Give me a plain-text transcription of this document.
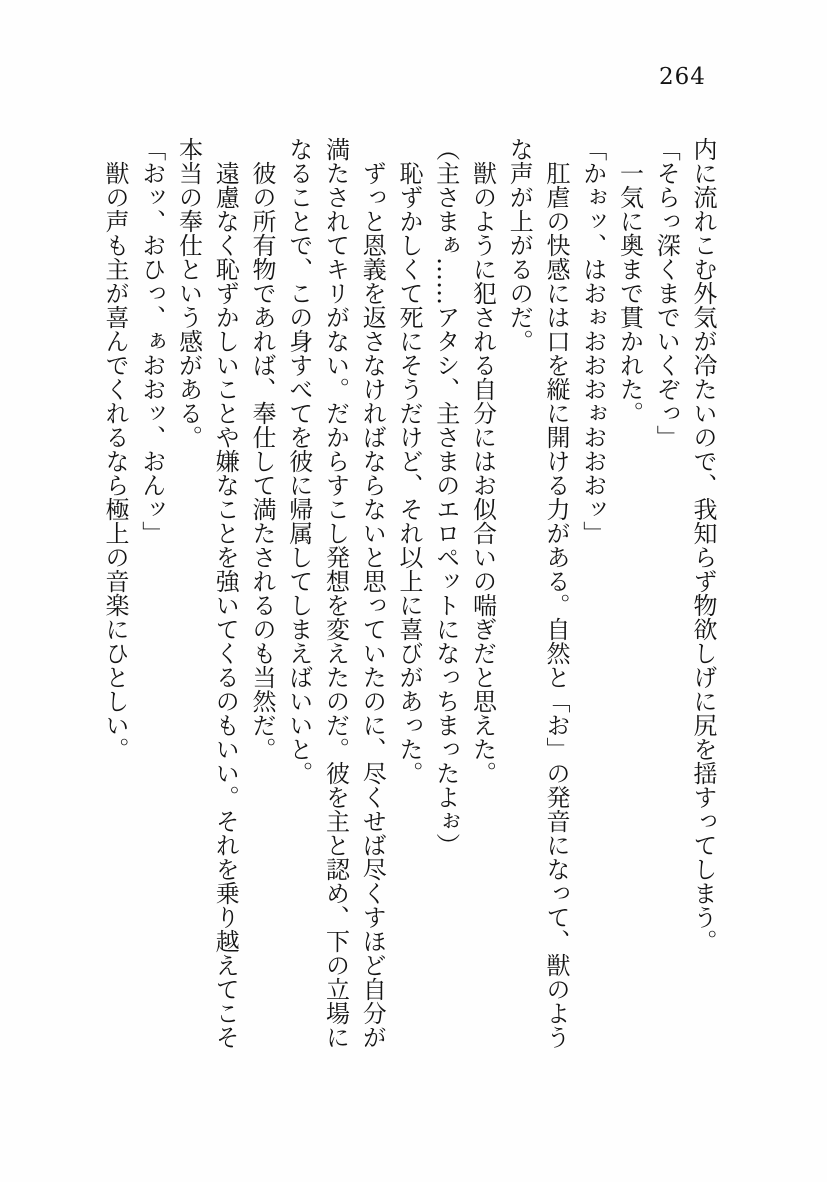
264

内に流れこむ外気が冷たいので、我知らず物欲しげに尻を揺すってしまう。

「そらっ深くまでいくぞっ」

一気に奥まで貫かれた。

「かぉッ、はおぉおおおぉおおおッ」

肛虐の快感には口を縦に開ける力がある。自然と「お」の発音になって、獣のような声が上がるのだ。

獣のように犯される自分にはお似合いの喘ぎだと思えた。

（主さまぁ……アタシ、主さまのエロペットになっちまったよぉ）

恥ずかしくて死にそうだけど、それ以上に喜びがあった。

ずっと恩義を返さなければならないと思っていたのに、尽くせば尽くすほど自分が満たされてキリがない。だからすこし発想を変えたのだ。彼を主と認め、下の立場になることで、この身すべてを彼に帰属してしまえばいいと。

彼の所有物であれば、奉仕して満たされるのも当然だ。

遠慮なく恥ずかしいことや嫌なことを強いてくるのもいい。それを乗り越えてこそ本当の奉仕という感がある。

「おッ、おひっ、ぁおおッ、おんッ」

獣の声も主が喜んでくれるなら極上の音楽にひとしい。
